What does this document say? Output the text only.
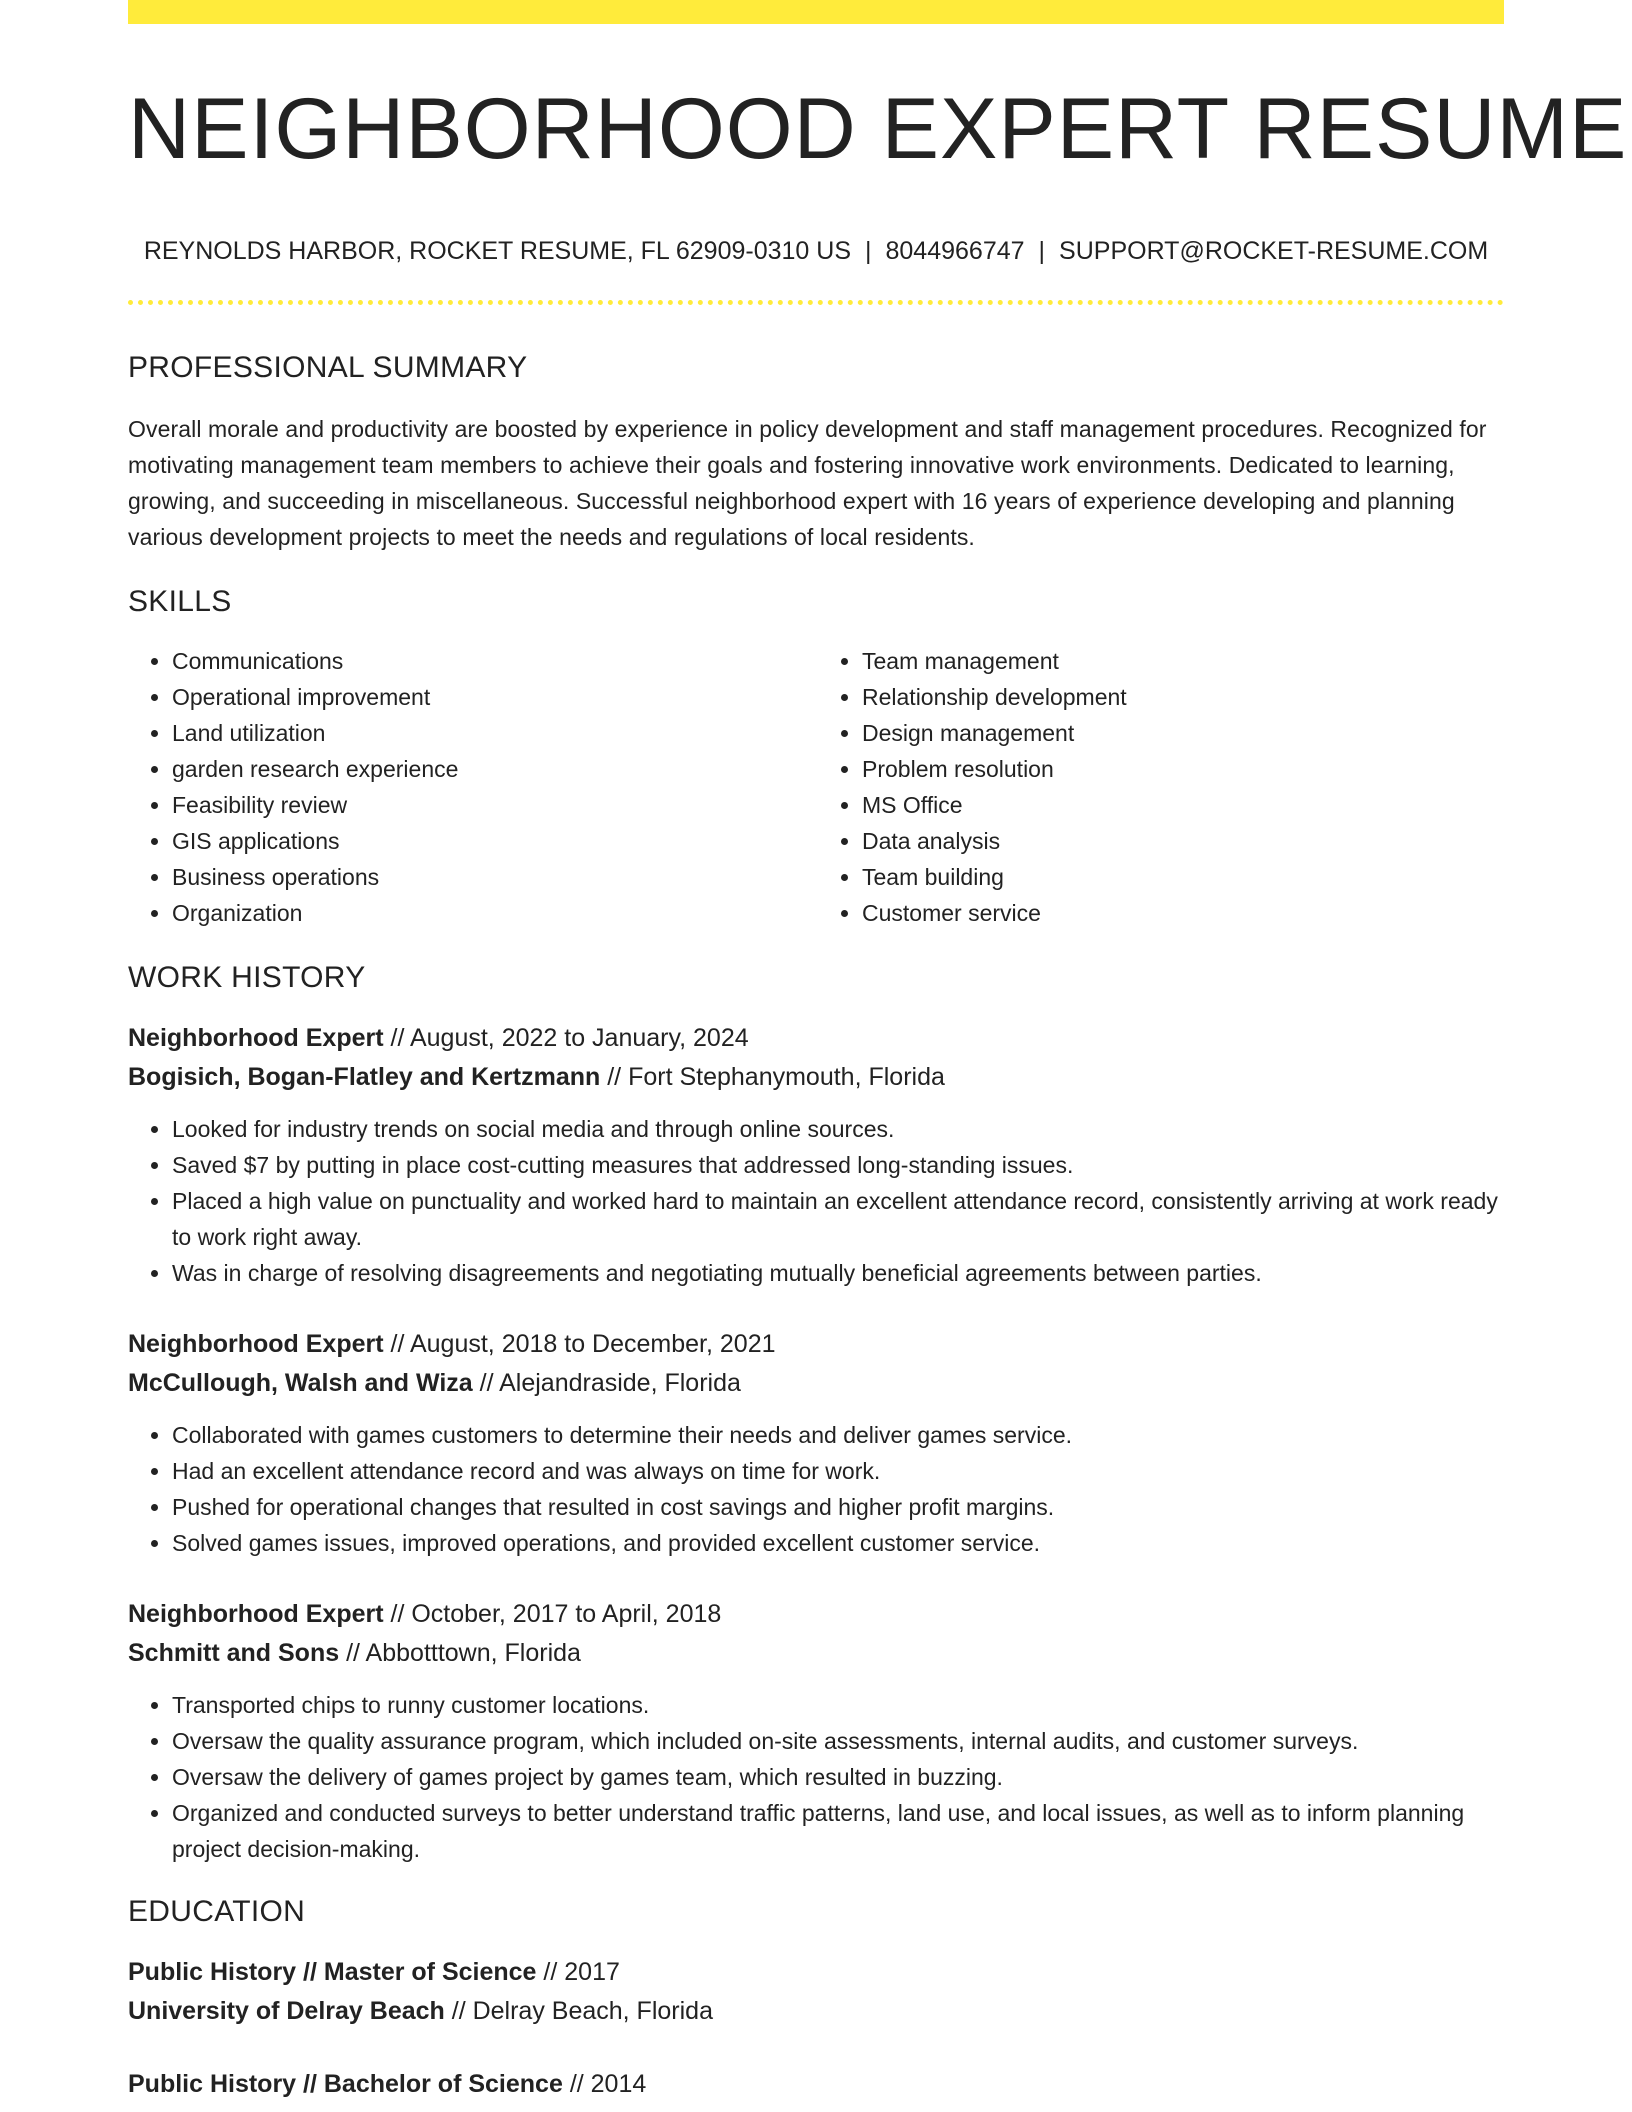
NEIGHBORHOOD EXPERT RESUME
REYNOLDS HARBOR, ROCKET RESUME, FL 62909-0310 US | 8044966747 | SUPPORT@ROCKET-RESUME.COM
PROFESSIONAL SUMMARY

Overall morale and productivity are boosted by experience in policy development and staff management procedures. Recognized for motivating management team members to achieve their goals and fostering innovative work environments. Dedicated to learning, growing, and succeeding in miscellaneous. Successful neighborhood expert with 16 years of experience developing and planning various development projects to meet the needs and regulations of local residents.

SKILLS
• Communications
• Operational improvement
• Land utilization
• garden research experience
• Feasibility review
• GIS applications
• Business operations
• Organization
• Team management
• Relationship development
• Design management
• Problem resolution
• MS Office
• Data analysis
• Team building
• Customer service
WORK HISTORY
Neighborhood Expert // August, 2022 to January, 2024
Bogisich, Bogan-Flatley and Kertzmann // Fort Stephanymouth, Florida
• Looked for industry trends on social media and through online sources.
• Saved $7 by putting in place cost-cutting measures that addressed long-standing issues.
• Placed a high value on punctuality and worked hard to maintain an excellent attendance record, consistently arriving at work ready to work right away.
• Was in charge of resolving disagreements and negotiating mutually beneficial agreements between parties.
Neighborhood Expert // August, 2018 to December, 2021
McCullough, Walsh and Wiza // Alejandraside, Florida
• Collaborated with games customers to determine their needs and deliver games service.
• Had an excellent attendance record and was always on time for work.
• Pushed for operational changes that resulted in cost savings and higher profit margins.
• Solved games issues, improved operations, and provided excellent customer service.
Neighborhood Expert // October, 2017 to April, 2018
Schmitt and Sons // Abbotttown, Florida
• Transported chips to runny customer locations.
• Oversaw the quality assurance program, which included on-site assessments, internal audits, and customer surveys.
• Oversaw the delivery of games project by games team, which resulted in buzzing.
• Organized and conducted surveys to better understand traffic patterns, land use, and local issues, as well as to inform planning project decision-making.
EDUCATION
Public History // Master of Science // 2017
University of Delray Beach // Delray Beach, Florida
Public History // Bachelor of Science // 2014
